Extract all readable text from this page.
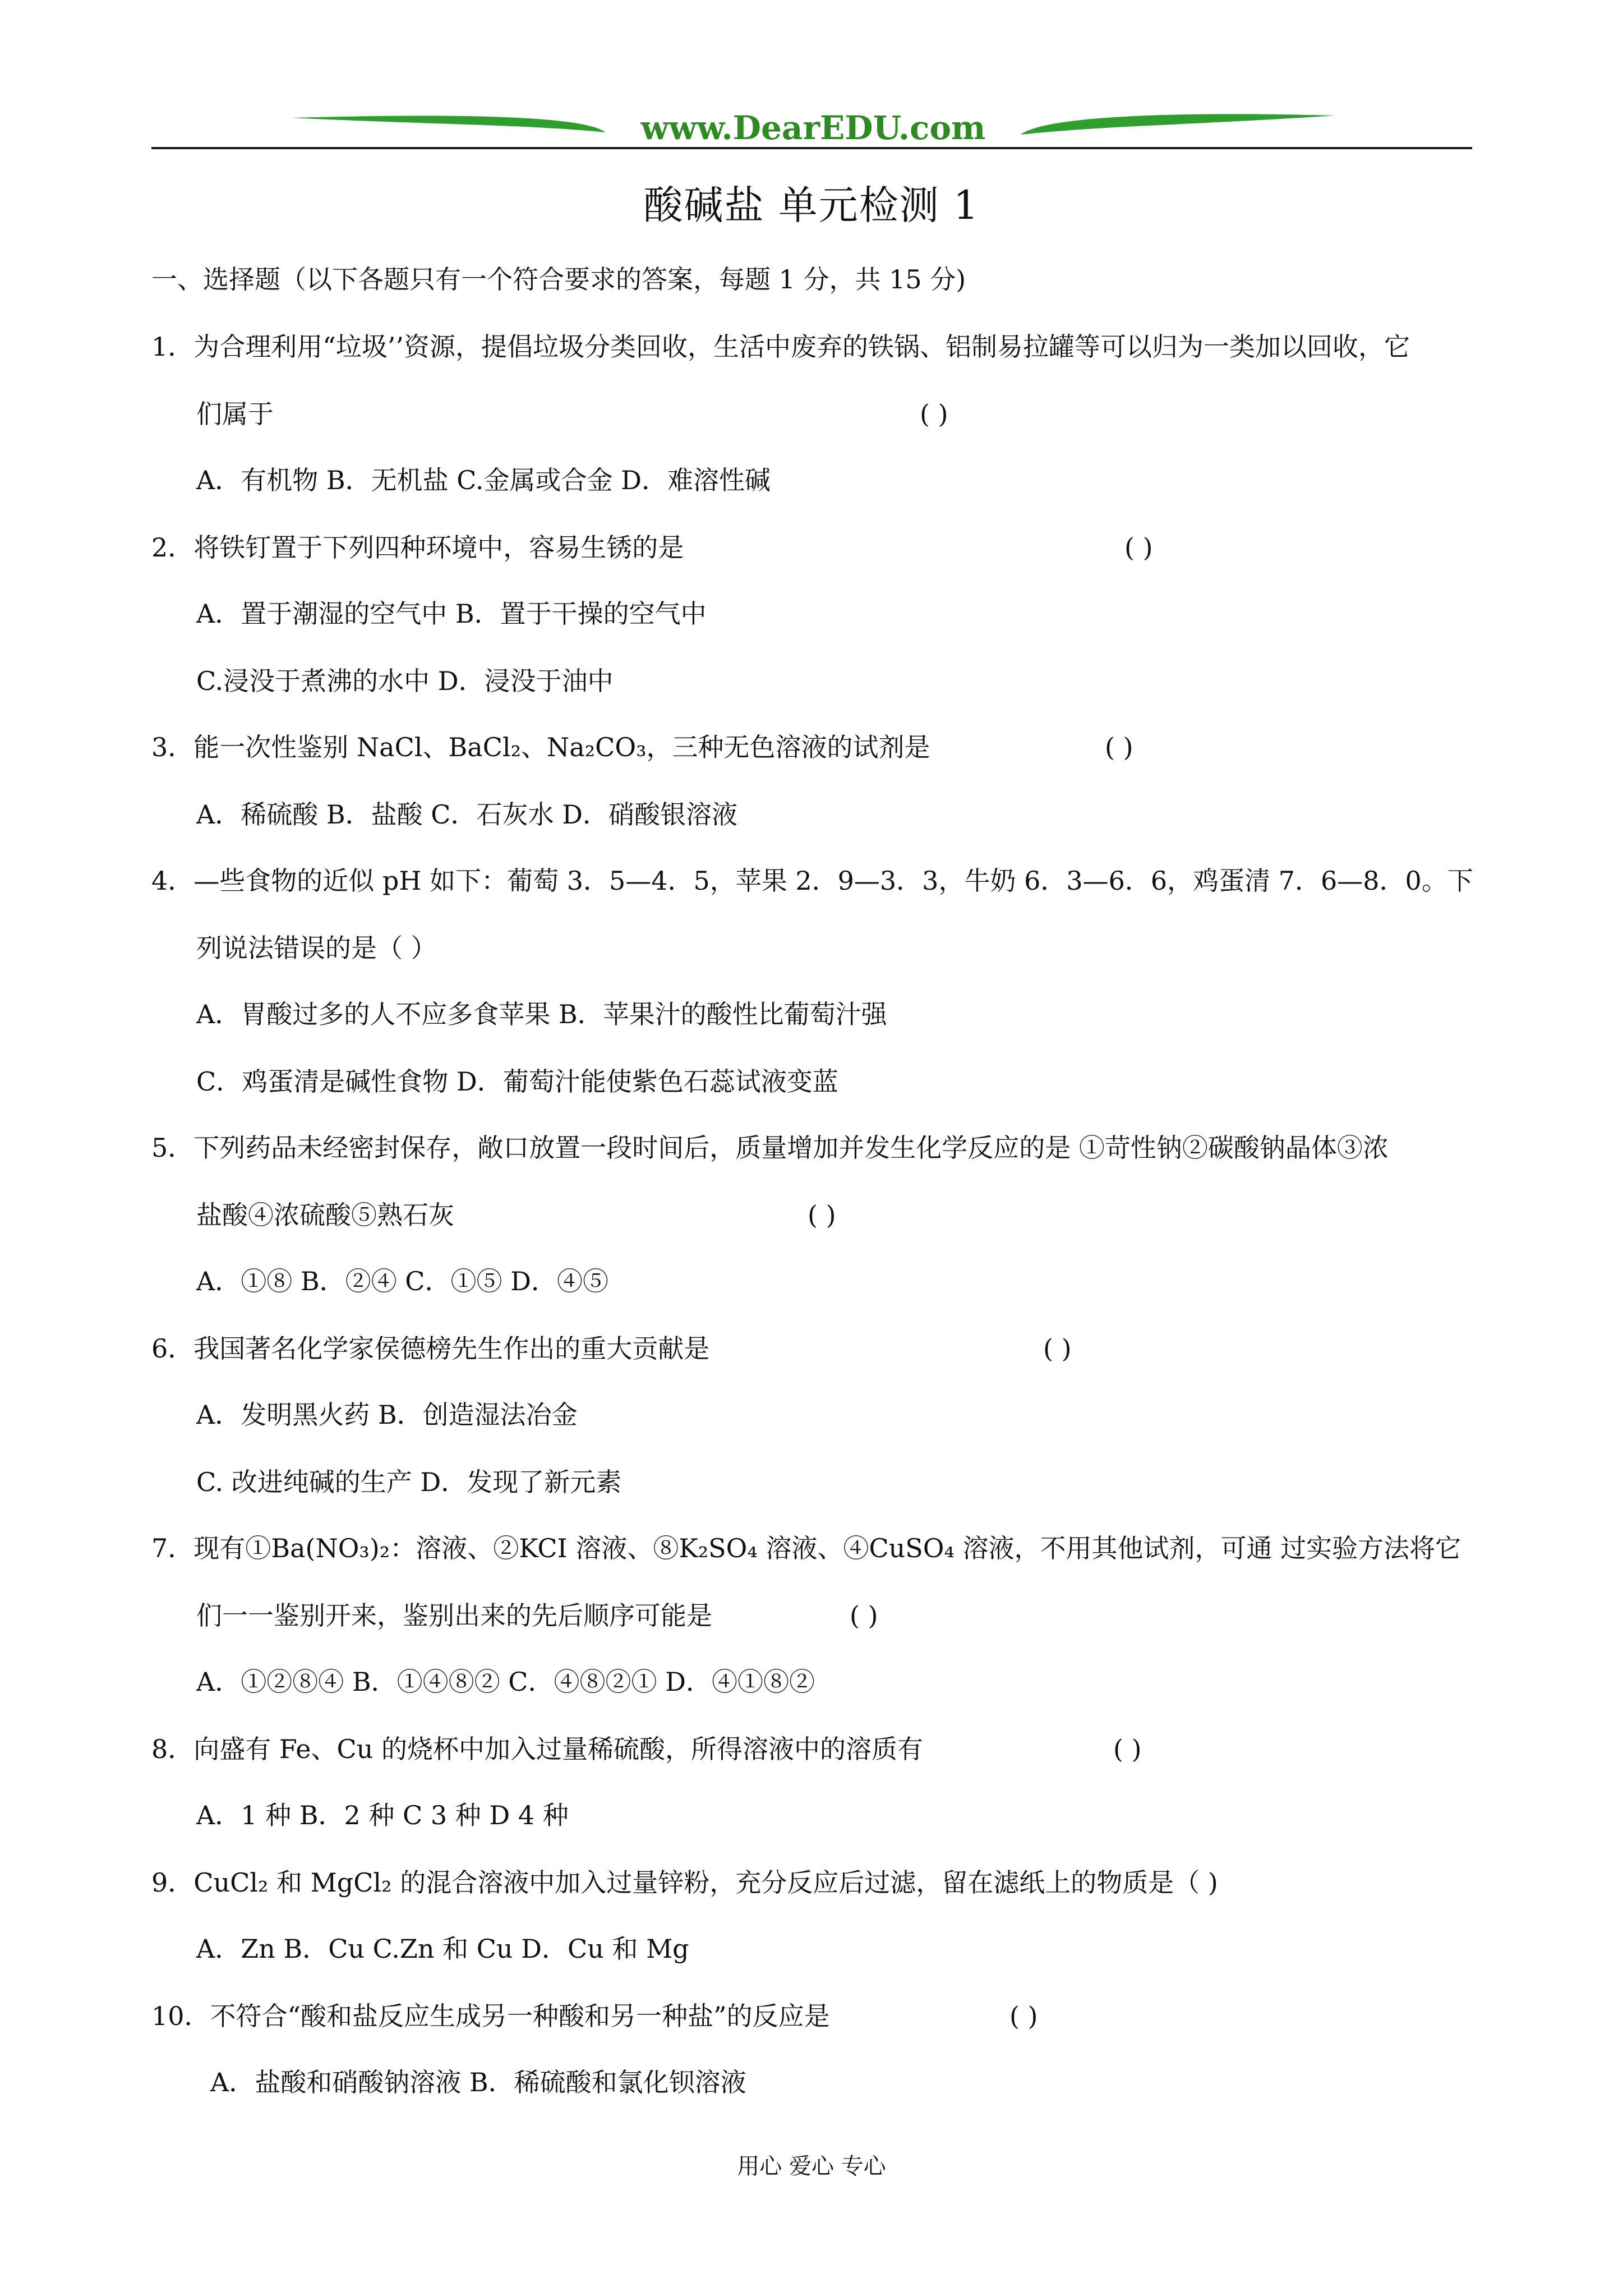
www.DearEDU.com
酸碱盐 单元检测 1
一、选择题（以下各题只有一个符合要求的答案，每题 1 分，共 15 分)
1．为合理利用“垃圾’’资源，提倡垃圾分类回收，生活中废弃的铁锅、铝制易拉罐等可以归为一类加以回收，它
们属于	( )
A．有机物 B．无机盐 C.金属或合金 D．难溶性碱
2．将铁钉置于下列四种环境中，容易生锈的是	( )
A．置于潮湿的空气中 B．置于干操的空气中
C.浸没于煮沸的水中 D．浸没于油中
3．能一次性鉴别 NaCl、BaCl₂、Na₂CO₃，三种无色溶液的试剂是	( )
A．稀硫酸 B．盐酸 C．石灰水 D．硝酸银溶液
4．—些食物的近似 pH 如下：葡萄 3．5—4．5，苹果 2．9—3．3，牛奶 6．3—6．6，鸡蛋清 7．6—8．0。下
列说法错误的是（ ）
A．胃酸过多的人不应多食苹果 B．苹果汁的酸性比葡萄汁强
C．鸡蛋清是碱性食物 D．葡萄汁能使紫色石蕊试液变蓝
5．下列药品未经密封保存，敞口放置一段时间后，质量增加并发生化学反应的是 ①苛性钠②碳酸钠晶体③浓
盐酸④浓硫酸⑤熟石灰	( )
A．①⑧ B．②④ C．①⑤ D．④⑤
6．我国著名化学家侯德榜先生作出的重大贡献是	( )
A．发明黑火药 B．创造湿法冶金
C. 改进纯碱的生产 D．发现了新元素
7．现有①Ba(NO₃)₂：溶液、②KCI 溶液、⑧K₂SO₄ 溶液、④CuSO₄ 溶液，不用其他试剂，可通 过实验方法将它
们一一鉴别开来，鉴别出来的先后顺序可能是	( )
A．①②⑧④ B．①④⑧② C．④⑧②① D．④①⑧②
8．向盛有 Fe、Cu 的烧杯中加入过量稀硫酸，所得溶液中的溶质有	( )
A．1 种 B．2 种 C 3 种 D 4 种
9．CuCl₂ 和 MgCl₂ 的混合溶液中加入过量锌粉，充分反应后过滤，留在滤纸上的物质是（ )
A．Zn B．Cu C.Zn 和 Cu D．Cu 和 Mg
10．不符合“酸和盐反应生成另一种酸和另一种盐”的反应是	( )
A．盐酸和硝酸钠溶液 B．稀硫酸和氯化钡溶液
用心 爱心 专心
